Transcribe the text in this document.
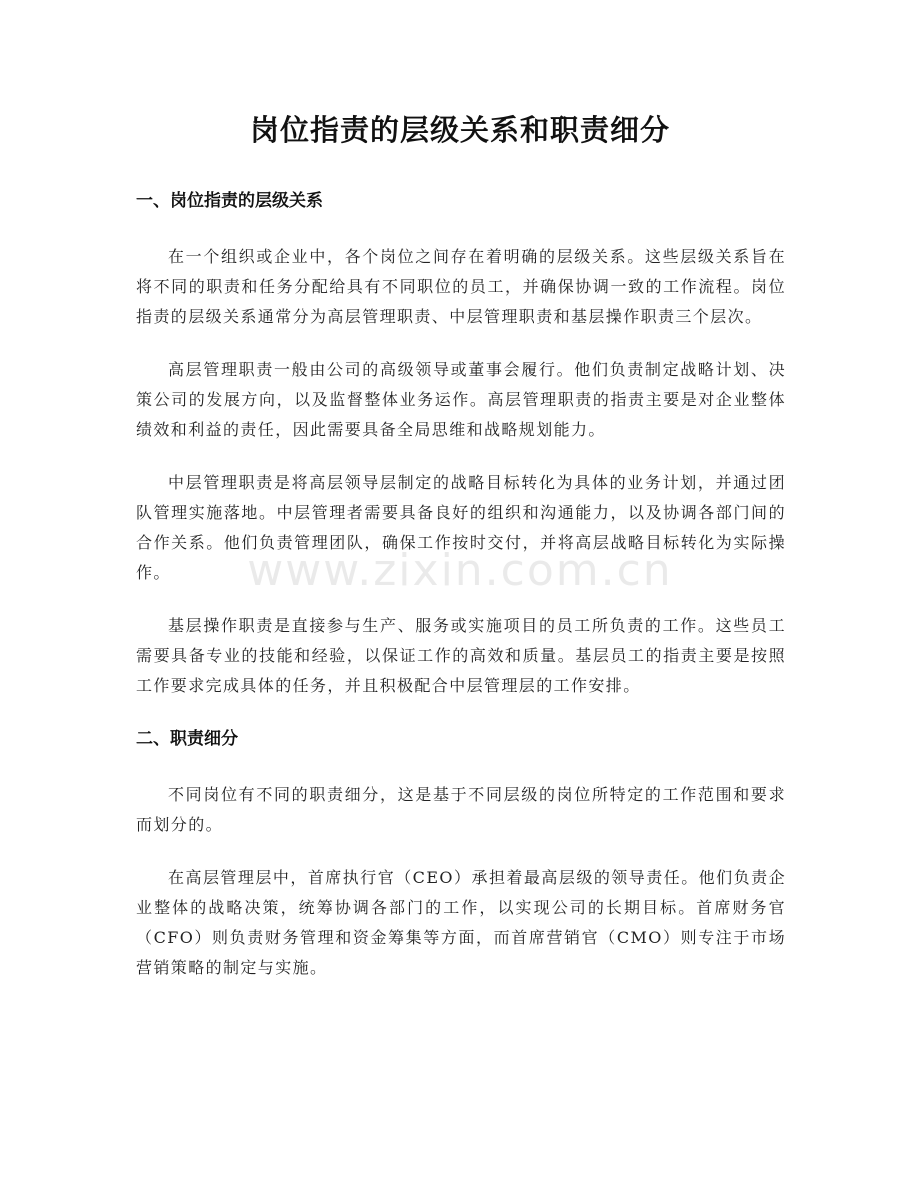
岗位指责的层级关系和职责细分
www.zixin.com.cn
一、岗位指责的层级关系

在一个组织或企业中，各个岗位之间存在着明确的层级关系。这些层级关系旨在将不同的职责和任务分配给具有不同职位的员工，并确保协调一致的工作流程。岗位指责的层级关系通常分为高层管理职责、中层管理职责和基层操作职责三个层次。

高层管理职责一般由公司的高级领导或董事会履行。他们负责制定战略计划、决策公司的发展方向，以及监督整体业务运作。高层管理职责的指责主要是对企业整体绩效和利益的责任，因此需要具备全局思维和战略规划能力。

中层管理职责是将高层领导层制定的战略目标转化为具体的业务计划，并通过团队管理实施落地。中层管理者需要具备良好的组织和沟通能力，以及协调各部门间的合作关系。他们负责管理团队，确保工作按时交付，并将高层战略目标转化为实际操作。

基层操作职责是直接参与生产、服务或实施项目的员工所负责的工作。这些员工需要具备专业的技能和经验，以保证工作的高效和质量。基层员工的指责主要是按照工作要求完成具体的任务，并且积极配合中层管理层的工作安排。

二、职责细分

不同岗位有不同的职责细分，这是基于不同层级的岗位所特定的工作范围和要求而划分的。

在高层管理层中，首席执行官（CEO）承担着最高层级的领导责任。他们负责企业整体的战略决策，统筹协调各部门的工作，以实现公司的长期目标。首席财务官（CFO）则负责财务管理和资金筹集等方面，而首席营销官（CMO）则专注于市场营销策略的制定与实施。
